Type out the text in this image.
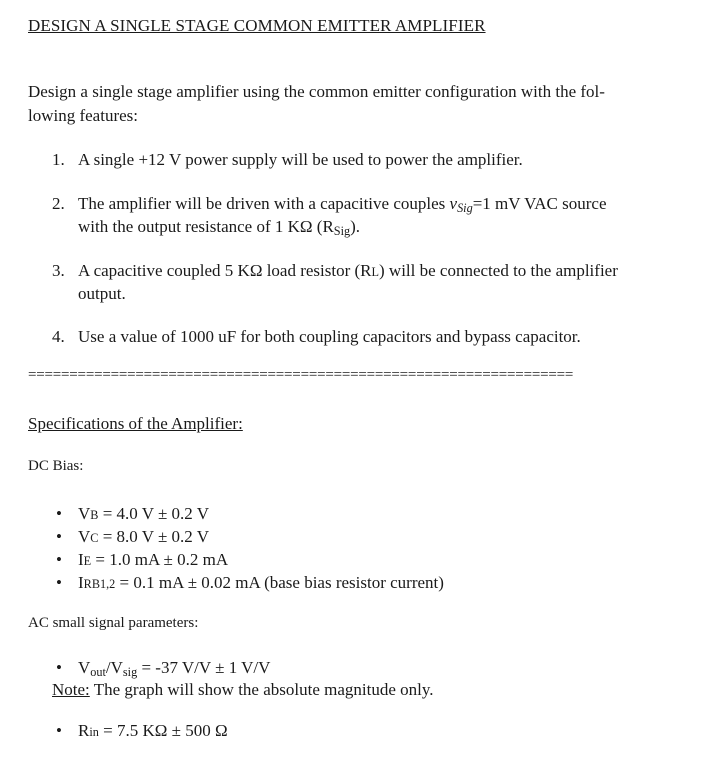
DESIGN A SINGLE STAGE COMMON EMITTER AMPLIFIER
Design a single stage amplifier using the common emitter configuration with the fol-
lowing features:
1. A single +12 V power supply will be used to power the amplifier.
2. The amplifier will be driven with a capacitive couples $v_{Sig}=1$ mV VAC source
with the output resistance of 1 KΩ $(R_{Sig})$.
3. A capacitive coupled 5 KΩ load resistor (RL) will be connected to the amplifier
output.
4. Use a value of 1000 uF for both coupling capacitors and bypass capacitor.
==================================================================
Specifications of the Amplifier:
DC Bias:
• VB = 4.0 V ± 0.2 V
• VC = 8.0 V ± 0.2 V
• IE = 1.0 mA ± 0.2 mA
• IRB1,2 = 0.1 mA ± 0.02 mA (base bias resistor current)
AC small signal parameters:
• $V_{out}/V_{sig} = -37$ V/V ± 1 V/V
Note: The graph will show the absolute magnitude only.
• Rin = 7.5 KΩ ± 500 Ω
